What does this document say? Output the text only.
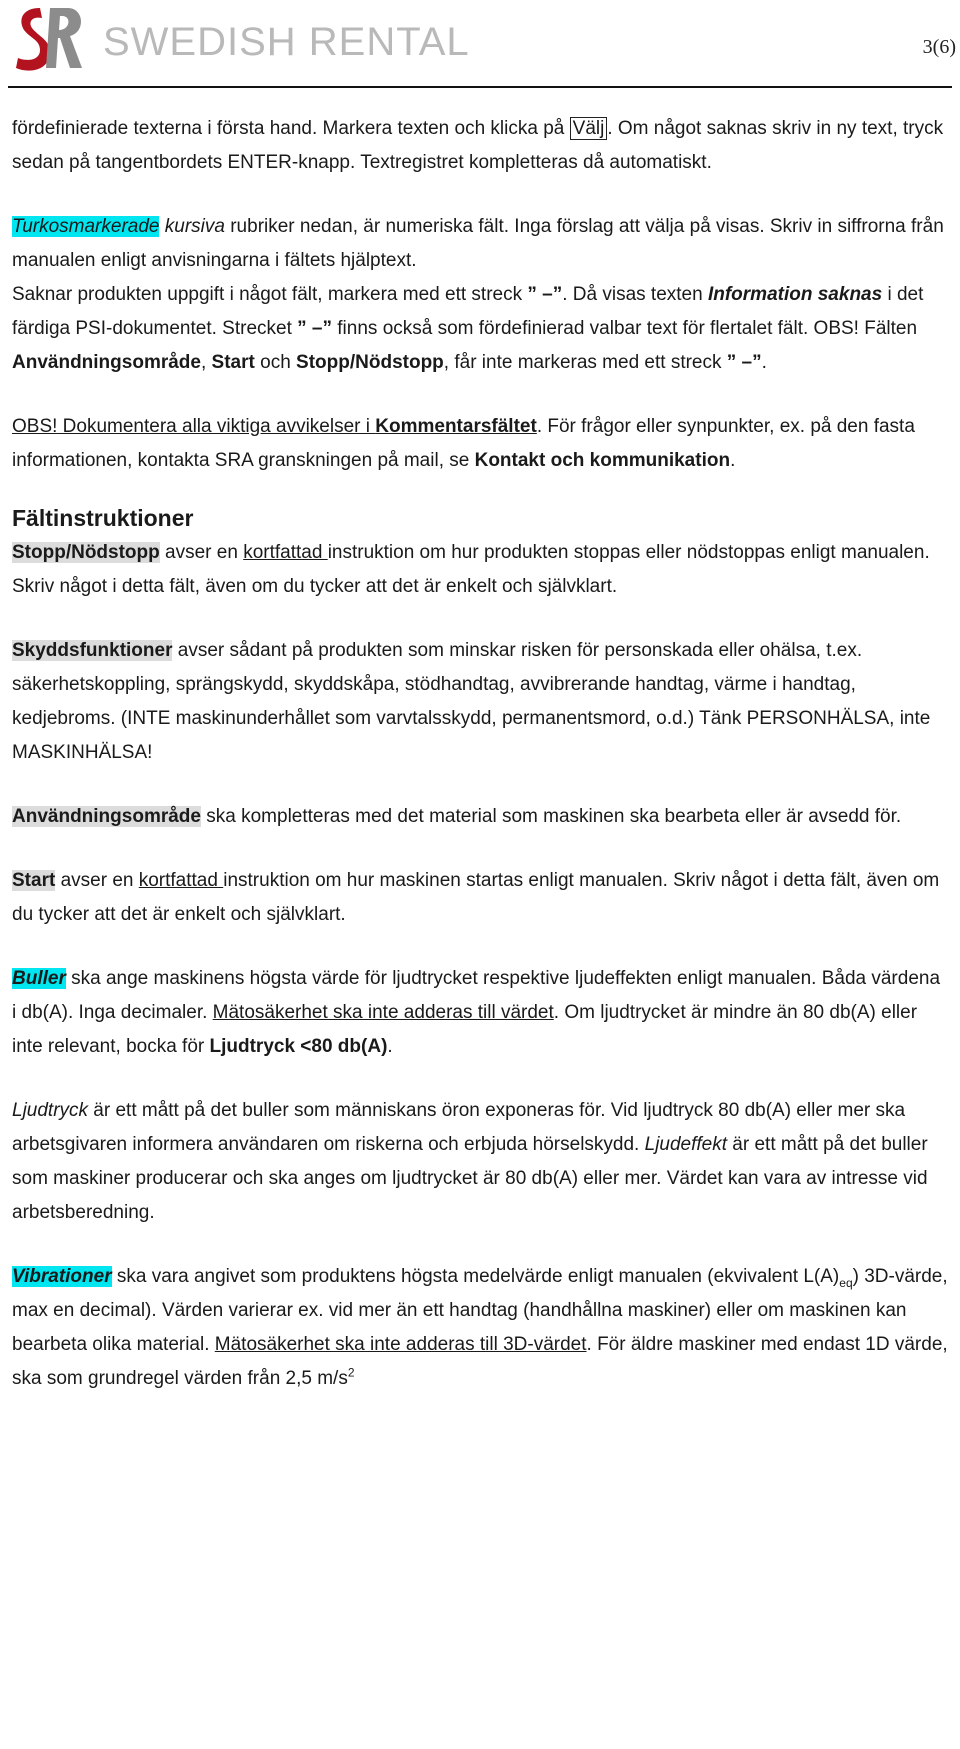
SWEDISH RENTAL	3(6)

fördefinierade texterna i första hand. Markera texten och klicka på Välj . Om något saknas skriv in ny text, tryck sedan på tangentbordets ENTER-knapp. Textregistret kompletteras då automatiskt.

Turkosmarkerade kursiva rubriker nedan, är numeriska fält. Inga förslag att välja på visas. Skriv in siffrorna från manualen enligt anvisningarna i fältets hjälptext.

Saknar produkten uppgift i något fält, markera med ett streck ” –”. Då visas texten Information saknas i det färdiga PSI-dokumentet. Strecket ” –” finns också som fördefinierad valbar text för flertalet fält. OBS! Fälten Användningsområde, Start och Stopp/Nödstopp, får inte markeras med ett streck ” –”.

OBS! Dokumentera alla viktiga avvikelser i Kommentarsfältet. För frågor eller synpunkter, ex. på den fasta informationen, kontakta SRA granskningen på mail, se Kontakt och kommunikation.

Fältinstruktioner

Stopp/Nödstopp avser en kortfattad instruktion om hur produkten stoppas eller nödstoppas enligt manualen. Skriv något i detta fält, även om du tycker att det är enkelt och självklart.

Skyddsfunktioner avser sådant på produkten som minskar risken för personskada eller ohälsa, t.ex. säkerhetskoppling, sprängskydd, skyddskåpa, stödhandtag, avvibrerande handtag, värme i handtag, kedjebroms. (INTE maskinunderhållet som varvtalsskydd, permanentsmord, o.d.) Tänk PERSONHÄLSA, inte MASKINHÄLSA!

Användningsområde ska kompletteras med det material som maskinen ska bearbeta eller är avsedd för.

Start avser en kortfattad instruktion om hur maskinen startas enligt manualen. Skriv något i detta fält, även om du tycker att det är enkelt och självklart.

Buller ska ange maskinens högsta värde för ljudtrycket respektive ljudeffekten enligt manualen. Båda värdena i db(A). Inga decimaler. Mätosäkerhet ska inte adderas till värdet. Om ljudtrycket är mindre än 80 db(A) eller inte relevant, bocka för Ljudtryck <80 db(A).

Ljudtryck är ett mått på det buller som människans öron exponeras för. Vid ljudtryck 80 db(A) eller mer ska arbetsgivaren informera användaren om riskerna och erbjuda hörselskydd. Ljudeffekt är ett mått på det buller som maskiner producerar och ska anges om ljudtrycket är 80 db(A) eller mer. Värdet kan vara av intresse vid arbetsberedning.

Vibrationer ska vara angivet som produktens högsta medelvärde enligt manualen (ekvivalent $L(A)_{eq}$) 3D-värde, max en decimal). Värden varierar ex. vid mer än ett handtag (handhållna maskiner) eller om maskinen kan bearbeta olika material. Mätosäkerhet ska inte adderas till 3D-värdet. För äldre maskiner med endast 1D värde, ska som grundregel värden från 2,5 $m/s^2$
